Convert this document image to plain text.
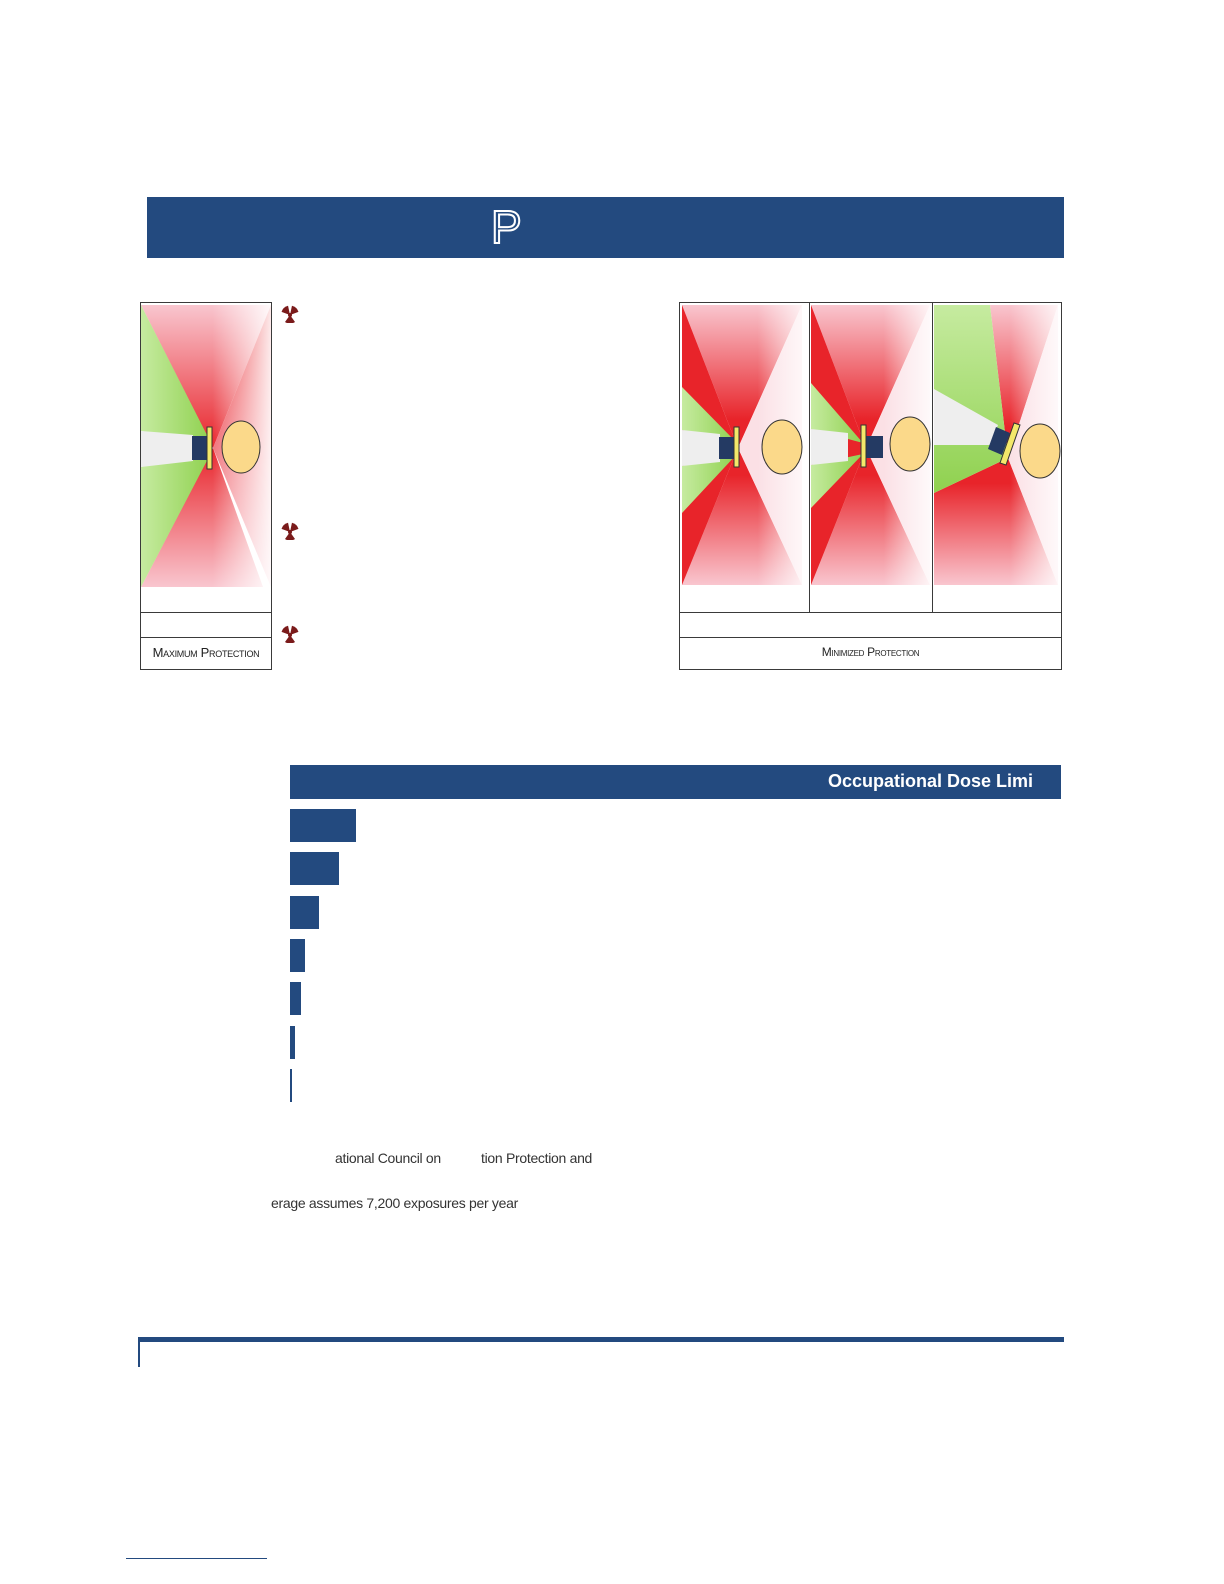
P
Maximum Protection	Minimized Protection
Occupational Dose Limi
ational Council on	tion Protection and
erage assumes 7,200 exposures per year
